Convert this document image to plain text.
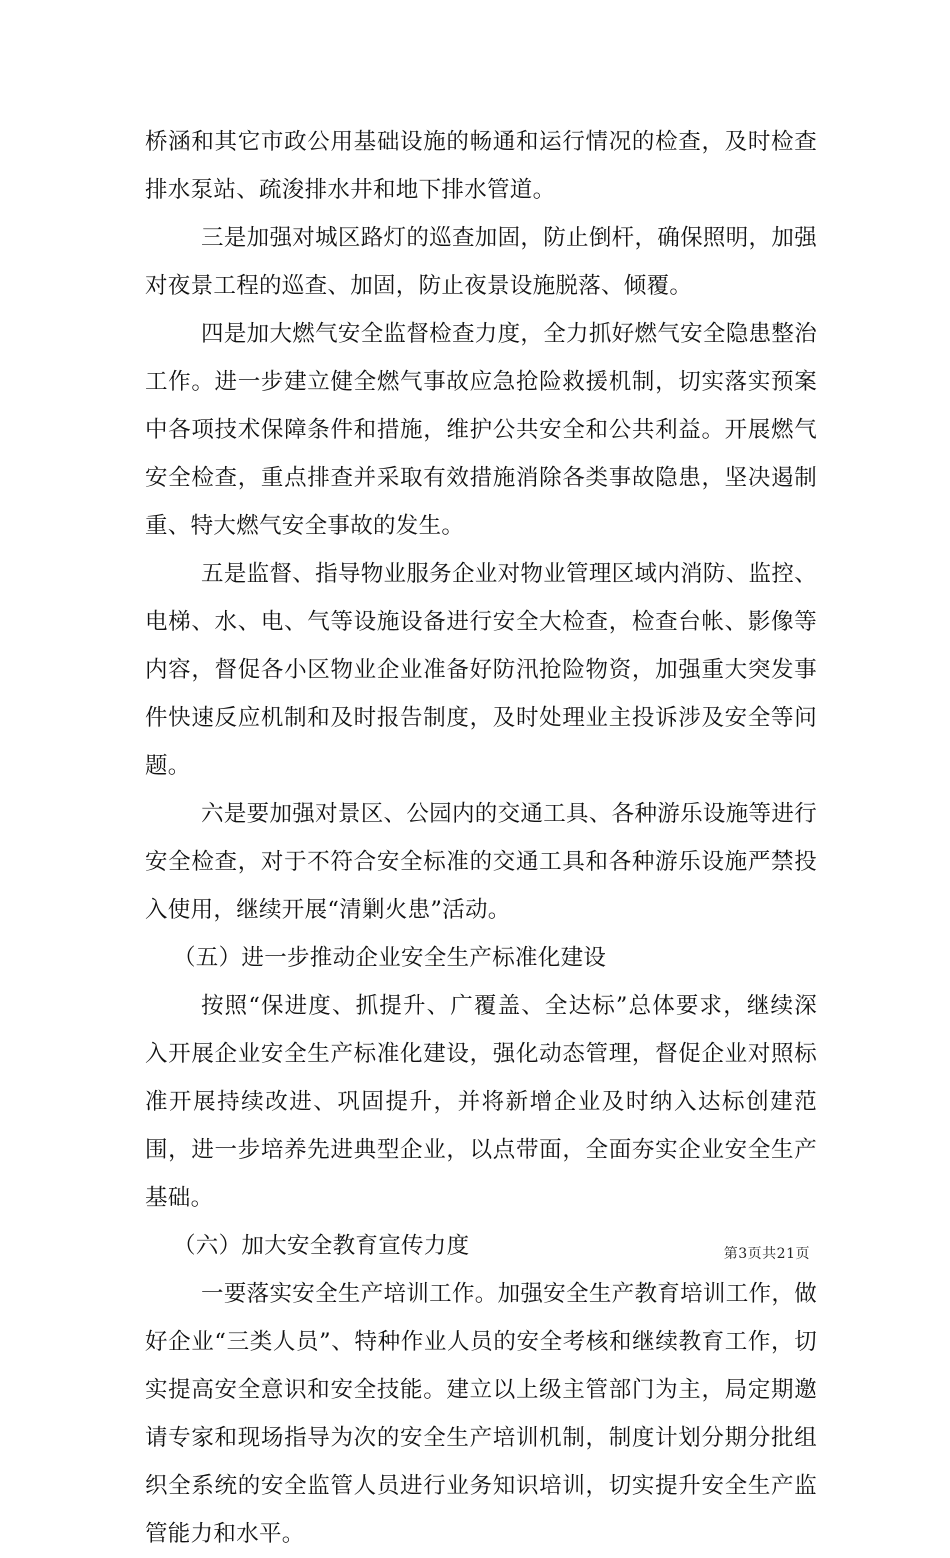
桥涵和其它市政公用基础设施的畅通和运行情况的检查，及时检查排水泵站、疏浚排水井和地下排水管道。

三是加强对城区路灯的巡查加固，防止倒杆，确保照明，加强对夜景工程的巡查、加固，防止夜景设施脱落、倾覆。

四是加大燃气安全监督检查力度，全力抓好燃气安全隐患整治工作。进一步建立健全燃气事故应急抢险救援机制，切实落实预案中各项技术保障条件和措施，维护公共安全和公共利益。开展燃气安全检查，重点排查并采取有效措施消除各类事故隐患，坚决遏制重、特大燃气安全事故的发生。

五是监督、指导物业服务企业对物业管理区域内消防、监控、电梯、水、电、气等设施设备进行安全大检查，检查台帐、影像等内容，督促各小区物业企业准备好防汛抢险物资，加强重大突发事件快速反应机制和及时报告制度，及时处理业主投诉涉及安全等问题。

六是要加强对景区、公园内的交通工具、各种游乐设施等进行安全检查，对于不符合安全标准的交通工具和各种游乐设施严禁投入使用，继续开展“清剿火患”活动。

（五）进一步推动企业安全生产标准化建设

按照“保进度、抓提升、广覆盖、全达标”总体要求，继续深入开展企业安全生产标准化建设，强化动态管理，督促企业对照标准开展持续改进、巩固提升，并将新增企业及时纳入达标创建范围，进一步培养先进典型企业，以点带面，全面夯实企业安全生产基础。

（六）加大安全教育宣传力度

一要落实安全生产培训工作。加强安全生产教育培训工作，做好企业“三类人员”、特种作业人员的安全考核和继续教育工作，切实提高安全意识和安全技能。建立以上级主管部门为主，局定期邀请专家和现场指导为次的安全生产培训机制，制度计划分期分批组织全系统的安全监管人员进行业务知识培训，切实提升安全生产监管能力和水平。

第3页共21页
